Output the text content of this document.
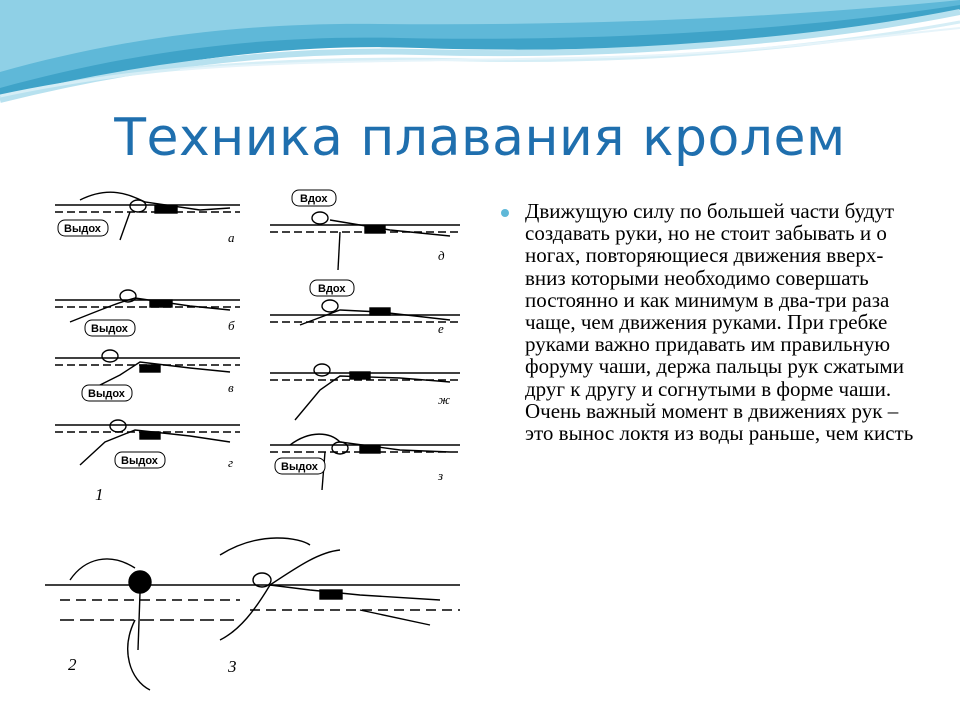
Техника плавания кролем
Выдох
Выдох
Выдох
Выдох
Вдох
Вдох
Выдох
а
б
в
г
д
е
ж
з
1
2	3
Движущую силу по большей части будут создавать руки, но не стоит забывать и о ногах, повторяющиеся движения вверх-вниз которыми необходимо совершать постоянно и как минимум в два-три раза чаще, чем движения руками. При гребке руками важно придавать им правильную форуму чаши, держа пальцы рук сжатыми друг к другу и согнутыми в форме чаши. Очень важный момент в движениях рук – это вынос локтя из воды раньше, чем кисть
